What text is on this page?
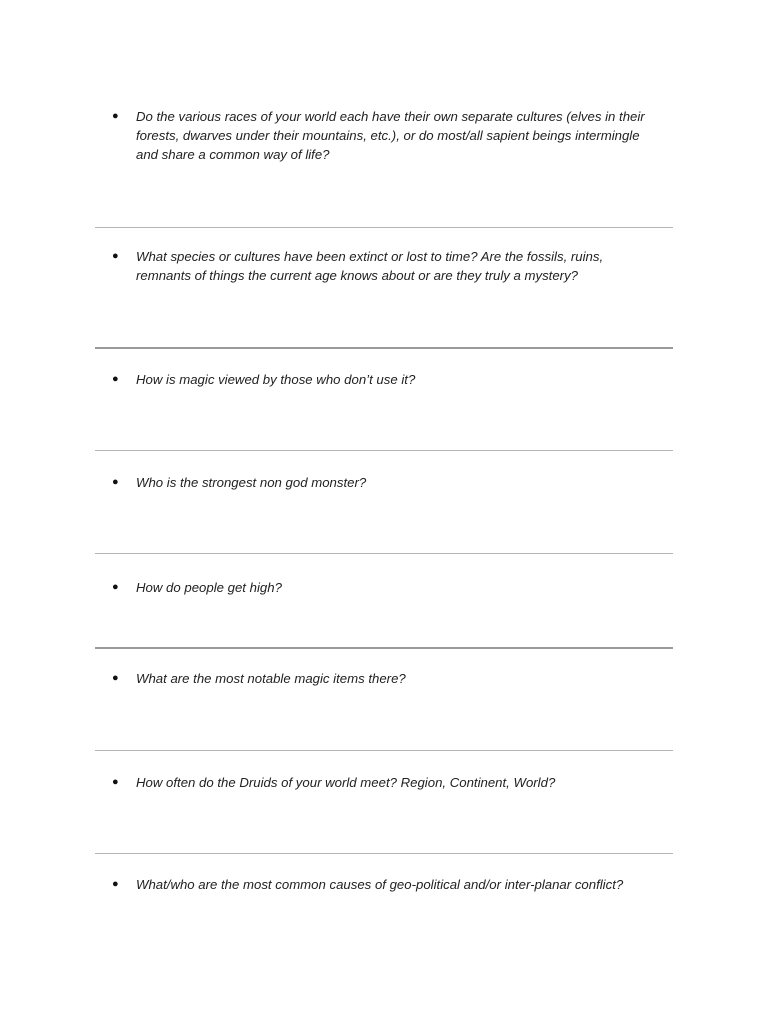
●	Do the various races of your world each have their own separate cultures (elves in their forests, dwarves under their mountains, etc.), or do most/all sapient beings intermingle and share a common way of life?
●	What species or cultures have been extinct or lost to time? Are the fossils, ruins, remnants of things the current age knows about or are they truly a mystery?
●	How is magic viewed by those who don’t use it?
●	Who is the strongest non god monster?
●	How do people get high?
●	What are the most notable magic items there?
●	How often do the Druids of your world meet? Region, Continent, World?
●	What/who are the most common causes of geo-political and/or inter-planar conflict?
